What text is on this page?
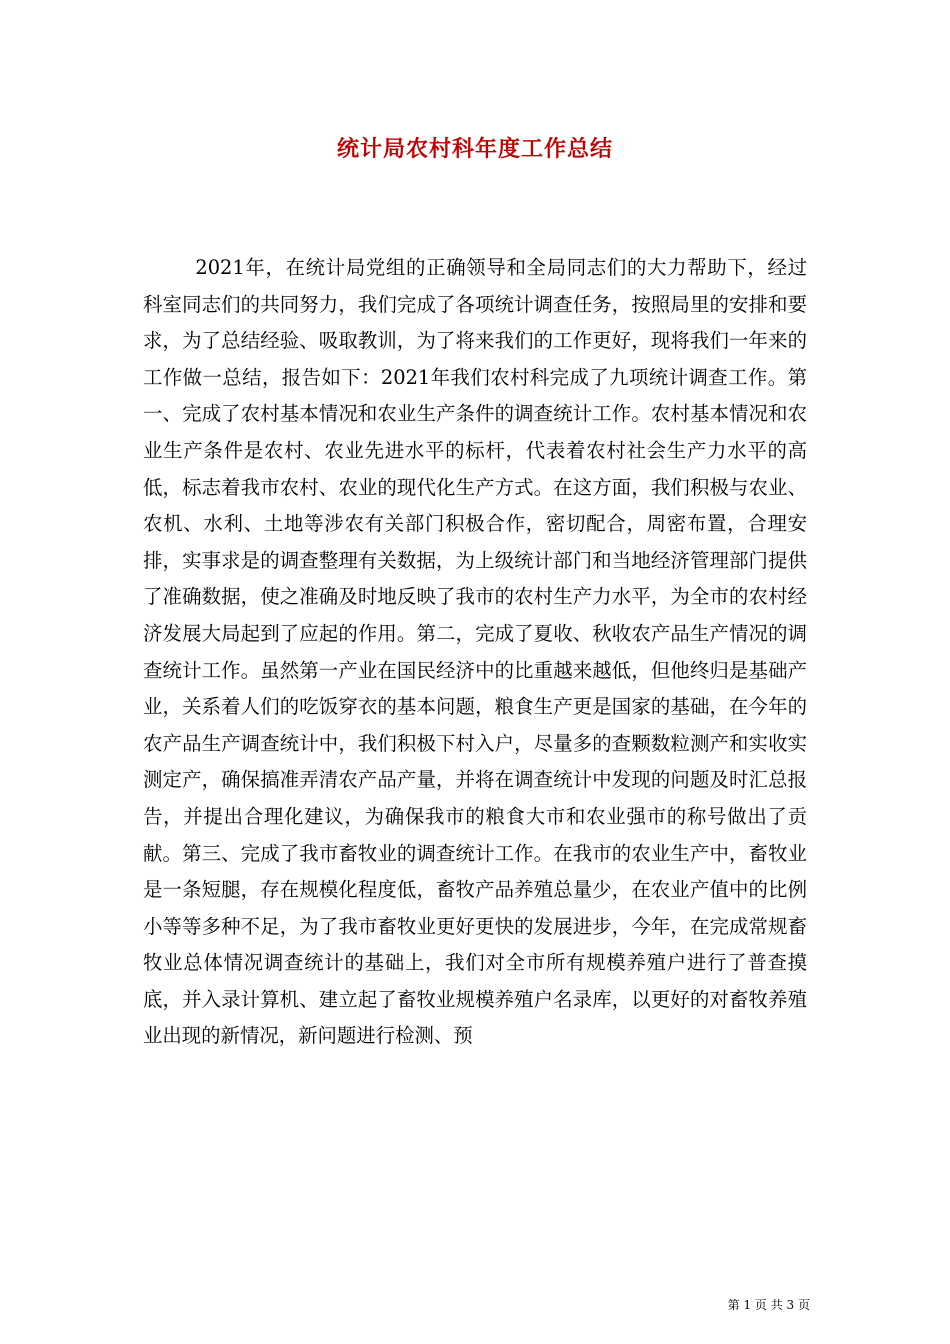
统计局农村科年度工作总结

2021年，在统计局党组的正确领导和全局同志们的大力帮助下，经过科室同志们的共同努力，我们完成了各项统计调查任务，按照局里的安排和要求，为了总结经验、吸取教训，为了将来我们的工作更好，现将我们一年来的工作做一总结，报告如下：2021年我们农村科完成了九项统计调查工作。第一、完成了农村基本情况和农业生产条件的调查统计工作。农村基本情况和农业生产条件是农村、农业先进水平的标杆，代表着农村社会生产力水平的高低，标志着我市农村、农业的现代化生产方式。在这方面，我们积极与农业、农机、水利、土地等涉农有关部门积极合作，密切配合，周密布置，合理安排，实事求是的调查整理有关数据，为上级统计部门和当地经济管理部门提供了准确数据，使之准确及时地反映了我市的农村生产力水平，为全市的农村经济发展大局起到了应起的作用。第二，完成了夏收、秋收农产品生产情况的调查统计工作。虽然第一产业在国民经济中的比重越来越低，但他终归是基础产业，关系着人们的吃饭穿衣的基本问题，粮食生产更是国家的基础，在今年的农产品生产调查统计中，我们积极下村入户，尽量多的查颗数粒测产和实收实测定产，确保搞准弄清农产品产量，并将在调查统计中发现的问题及时汇总报告，并提出合理化建议，为确保我市的粮食大市和农业强市的称号做出了贡献。第三、完成了我市畜牧业的调查统计工作。在我市的农业生产中，畜牧业是一条短腿，存在规模化程度低，畜牧产品养殖总量少，在农业产值中的比例小等等多种不足，为了我市畜牧业更好更快的发展进步，今年，在完成常规畜牧业总体情况调查统计的基础上，我们对全市所有规模养殖户进行了普查摸底，并入录计算机、建立起了畜牧业规模养殖户名录库，以更好的对畜牧养殖业出现的新情况，新问题进行检测、预

第 1 页 共 3 页
